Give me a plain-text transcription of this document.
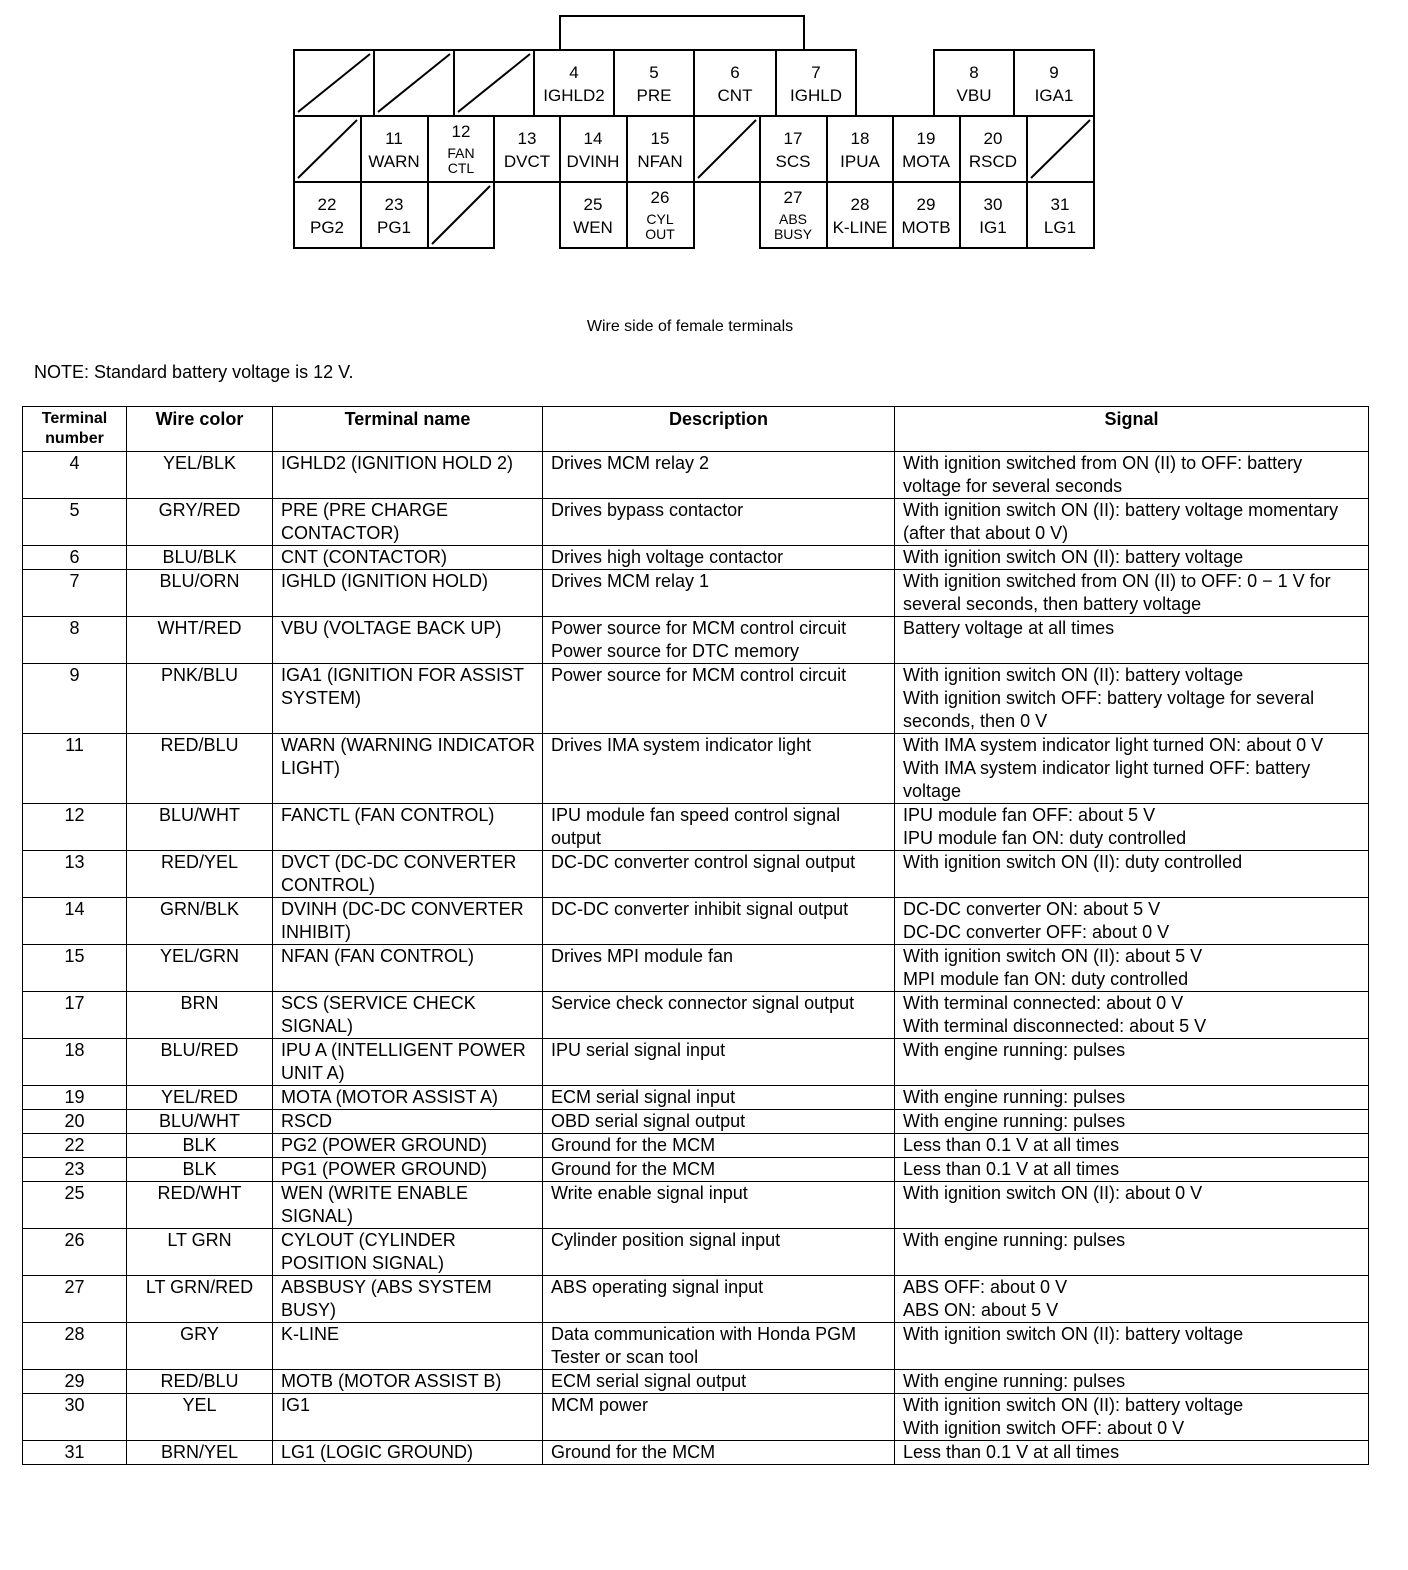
4
IGHLD2
5
PRE
6
CNT
7
IGHLD
8
VBU
9
IGA1
11
WARN
12
FAN
CTL
13
DVCT
14
DVINH
15
NFAN
17
SCS
18
IPUA
19
MOTA
20
RSCD
22
PG2
23
PG1
25
WEN
26
CYL
OUT
27
ABS
BUSY
28
K-LINE
29
MOTB
30
IG1
31
LG1
Wire side of female terminals
NOTE: Standard battery voltage is 12 V.
Terminal number	Wire color	Terminal name	Description	Signal
4	YEL/BLK	IGHLD2 (IGNITION HOLD 2)	Drives MCM relay 2	With ignition switched from ON (II) to OFF: battery voltage for several seconds

5	GRY/RED	PRE (PRE CHARGE CONTACTOR)	Drives bypass contactor	With ignition switch ON (II): battery voltage momentary (after that about 0 V)

6	BLU/BLK	CNT (CONTACTOR)	Drives high voltage contactor	With ignition switch ON (II): battery voltage

7	BLU/ORN	IGHLD (IGNITION HOLD)	Drives MCM relay 1	With ignition switched from ON (II) to OFF: 0 − 1 V for several seconds, then battery voltage

8	WHT/RED	VBU (VOLTAGE BACK UP)	Power source for MCM control circuit
Power source for DTC memory	Battery voltage at all times

9	PNK/BLU	IGA1 (IGNITION FOR ASSIST SYSTEM)	Power source for MCM control circuit	With ignition switch ON (II): battery voltage
With ignition switch OFF: battery voltage for several seconds, then 0 V

11	RED/BLU	WARN (WARNING INDICATOR LIGHT)	Drives IMA system indicator light	With IMA system indicator light turned ON: about 0 V
With IMA system indicator light turned OFF: battery voltage

12	BLU/WHT	FANCTL (FAN CONTROL)	IPU module fan speed control signal output	IPU module fan OFF: about 5 V
IPU module fan ON: duty controlled

13	RED/YEL	DVCT (DC-DC CONVERTER CONTROL)	DC-DC converter control signal output	With ignition switch ON (II): duty controlled

14	GRN/BLK	DVINH (DC-DC CONVERTER INHIBIT)	DC-DC converter inhibit signal output	DC-DC converter ON: about 5 V
DC-DC converter OFF: about 0 V

15	YEL/GRN	NFAN (FAN CONTROL)	Drives MPI module fan	With ignition switch ON (II): about 5 V
MPI module fan ON: duty controlled

17	BRN	SCS (SERVICE CHECK SIGNAL)	Service check connector signal output	With terminal connected: about 0 V
With terminal disconnected: about 5 V

18	BLU/RED	IPU A (INTELLIGENT POWER UNIT A)	IPU serial signal input	With engine running: pulses

19	YEL/RED	MOTA (MOTOR ASSIST A)	ECM serial signal input	With engine running: pulses

20	BLU/WHT	RSCD	OBD serial signal output	With engine running: pulses

22	BLK	PG2 (POWER GROUND)	Ground for the MCM	Less than 0.1 V at all times

23	BLK	PG1 (POWER GROUND)	Ground for the MCM	Less than 0.1 V at all times

25	RED/WHT	WEN (WRITE ENABLE SIGNAL)	Write enable signal input	With ignition switch ON (II): about 0 V

26	LT GRN	CYLOUT (CYLINDER POSITION SIGNAL)	Cylinder position signal input	With engine running: pulses

27	LT GRN/RED	ABSBUSY (ABS SYSTEM BUSY)	ABS operating signal input	ABS OFF: about 0 V
ABS ON: about 5 V

28	GRY	K-LINE	Data communication with Honda PGM Tester or scan tool	With ignition switch ON (II): battery voltage

29	RED/BLU	MOTB (MOTOR ASSIST B)	ECM serial signal output	With engine running: pulses

30	YEL	IG1	MCM power	With ignition switch ON (II): battery voltage
With ignition switch OFF: about 0 V

31	BRN/YEL	LG1 (LOGIC GROUND)	Ground for the MCM	Less than 0.1 V at all times
